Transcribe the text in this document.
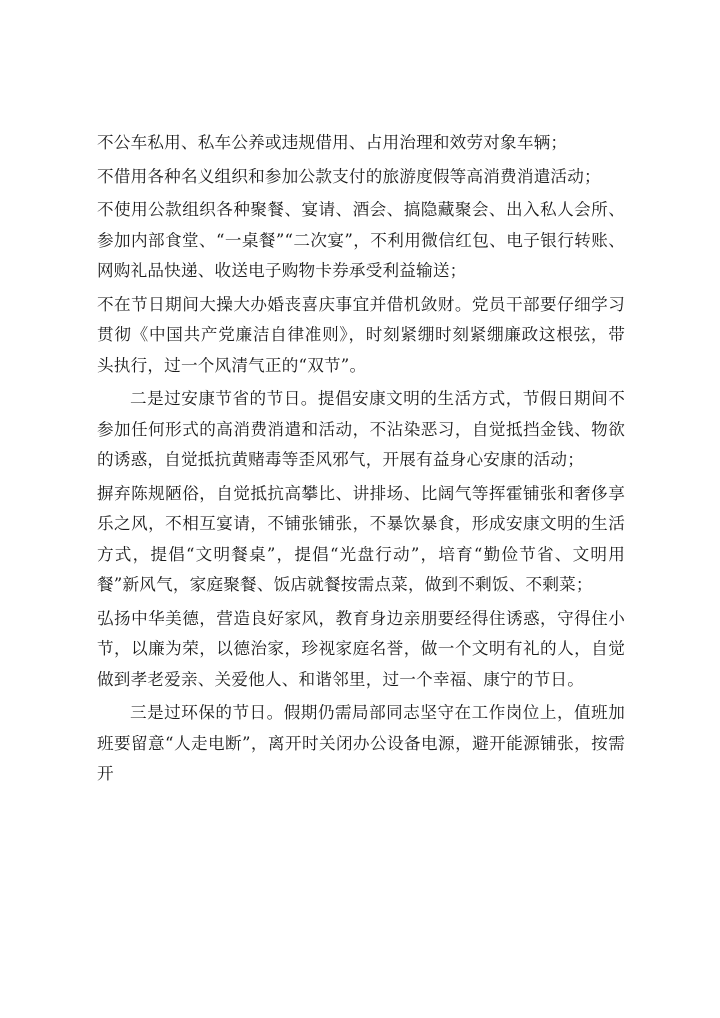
不公车私用、私车公养或违规借用、占用治理和效劳对象车辆；

不借用各种名义组织和参加公款支付的旅游度假等高消费消遣活动；

不使用公款组织各种聚餐、宴请、酒会、搞隐藏聚会、出入私人会所、参加内部食堂、“一桌餐”“二次宴”，不利用微信红包、电子银行转账、网购礼品快递、收送电子购物卡券承受利益输送；

不在节日期间大操大办婚丧喜庆事宜并借机敛财。党员干部要仔细学习贯彻《中国共产党廉洁自律准则》，时刻紧绷时刻紧绷廉政这根弦，带头执行，过一个风清气正的“双节”。

二是过安康节省的节日。提倡安康文明的生活方式，节假日期间不参加任何形式的高消费消遣和活动，不沾染恶习，自觉抵挡金钱、物欲的诱惑，自觉抵抗黄赌毒等歪风邪气，开展有益身心安康的活动；

摒弃陈规陋俗，自觉抵抗高攀比、讲排场、比阔气等挥霍铺张和奢侈享乐之风，不相互宴请，不铺张铺张，不暴饮暴食，形成安康文明的生活方式，提倡“文明餐桌”，提倡“光盘行动”，培育“勤俭节省、文明用餐”新风气，家庭聚餐、饭店就餐按需点菜，做到不剩饭、不剩菜；

弘扬中华美德，营造良好家风，教育身边亲朋要经得住诱惑，守得住小节，以廉为荣，以德治家，珍视家庭名誉，做一个文明有礼的人，自觉做到孝老爱亲、关爱他人、和谐邻里，过一个幸福、康宁的节日。

三是过环保的节日。假期仍需局部同志坚守在工作岗位上，值班加班要留意“人走电断”，离开时关闭办公设备电源，避开能源铺张，按需开
